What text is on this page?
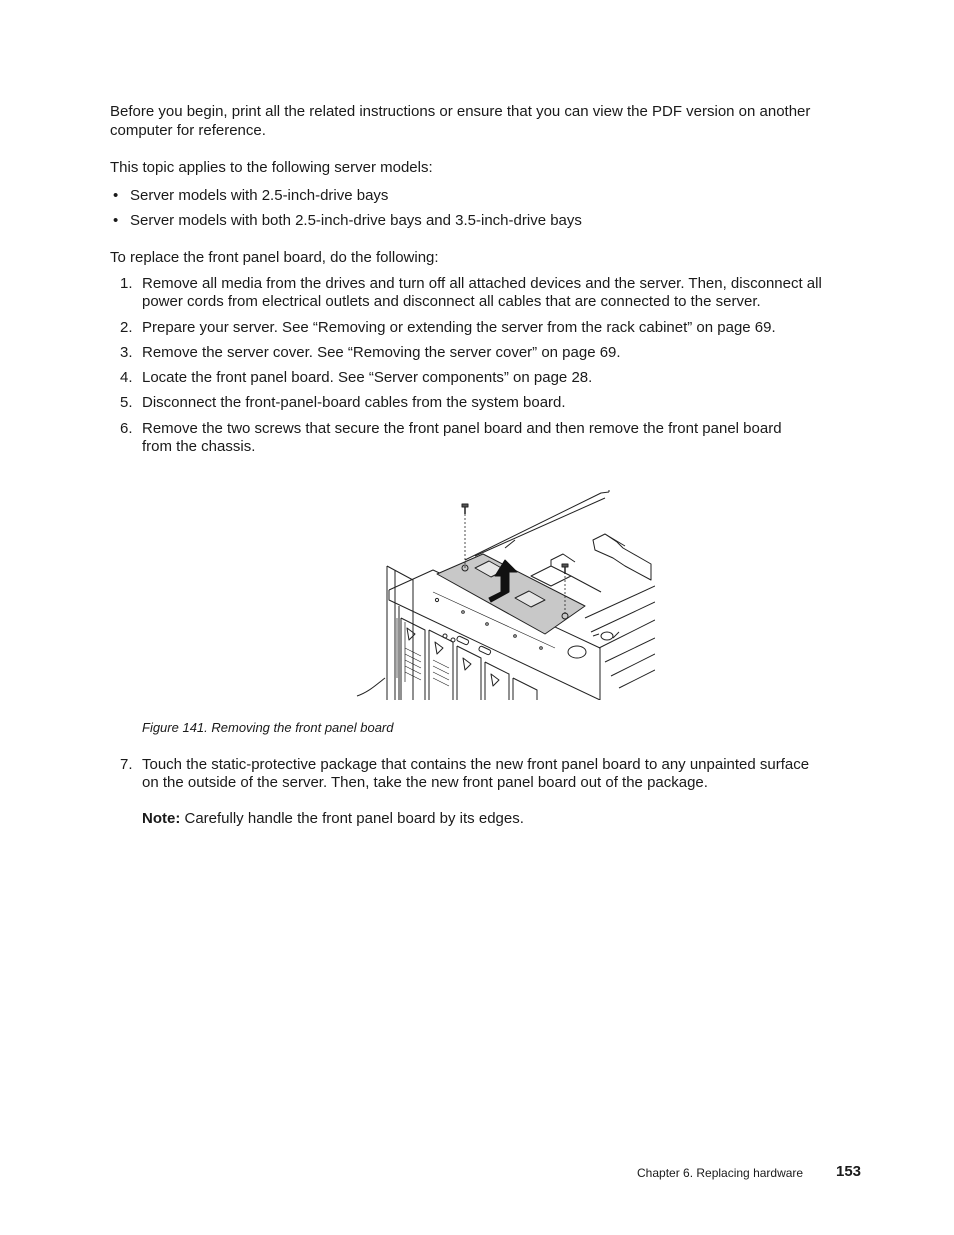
Before you begin, print all the related instructions or ensure that you can view the PDF version on another
computer for reference.
This topic applies to the following server models:
• Server models with 2.5-inch-drive bays
• Server models with both 2.5-inch-drive bays and 3.5-inch-drive bays
To replace the front panel board, do the following:
1. Remove all media from the drives and turn off all attached devices and the server. Then, disconnect all
power cords from electrical outlets and disconnect all cables that are connected to the server.
2. Prepare your server. See “Removing or extending the server from the rack cabinet” on page 69.
3. Remove the server cover. See “Removing the server cover” on page 69.
4. Locate the front panel board. See “Server components” on page 28.
5. Disconnect the front-panel-board cables from the system board.
6. Remove the two screws that secure the front panel board and then remove the front panel board
from the chassis.
Figure 141. Removing the front panel board
7. Touch the static-protective package that contains the new front panel board to any unpainted surface
on the outside of the server. Then, take the new front panel board out of the package.
Note: Carefully handle the front panel board by its edges.
Chapter 6. Replacing hardware 153
